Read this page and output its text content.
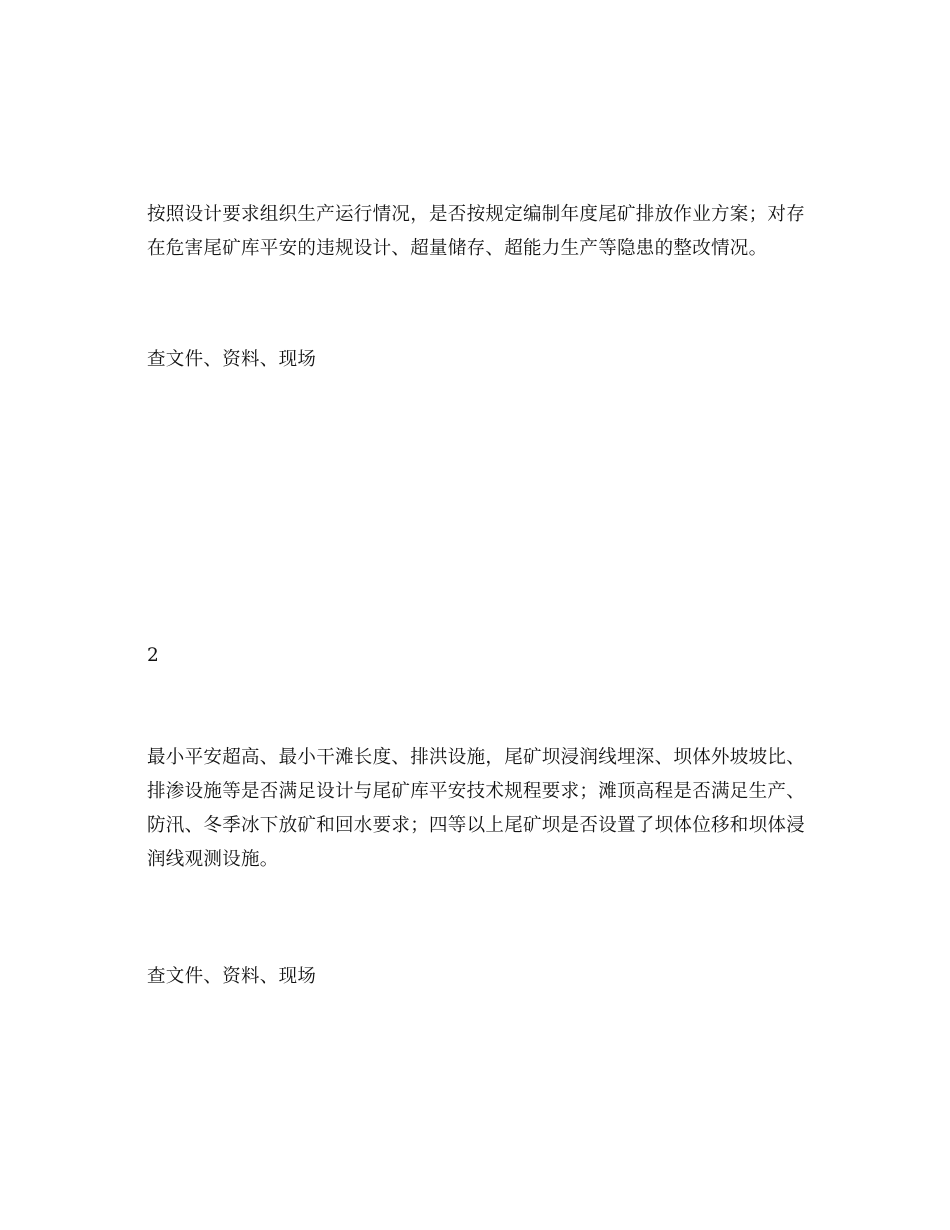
按照设计要求组织生产运行情况，是否按规定编制年度尾矿排放作业方案；对存在危害尾矿库平安的违规设计、超量储存、超能力生产等隐患的整改情况。

查文件、资料、现场

2

最小平安超高、最小干滩长度、排洪设施，尾矿坝浸润线埋深、坝体外坡坡比、排渗设施等是否满足设计与尾矿库平安技术规程要求；滩顶高程是否满足生产、防汛、冬季冰下放矿和回水要求；四等以上尾矿坝是否设置了坝体位移和坝体浸润线观测设施。

查文件、资料、现场
